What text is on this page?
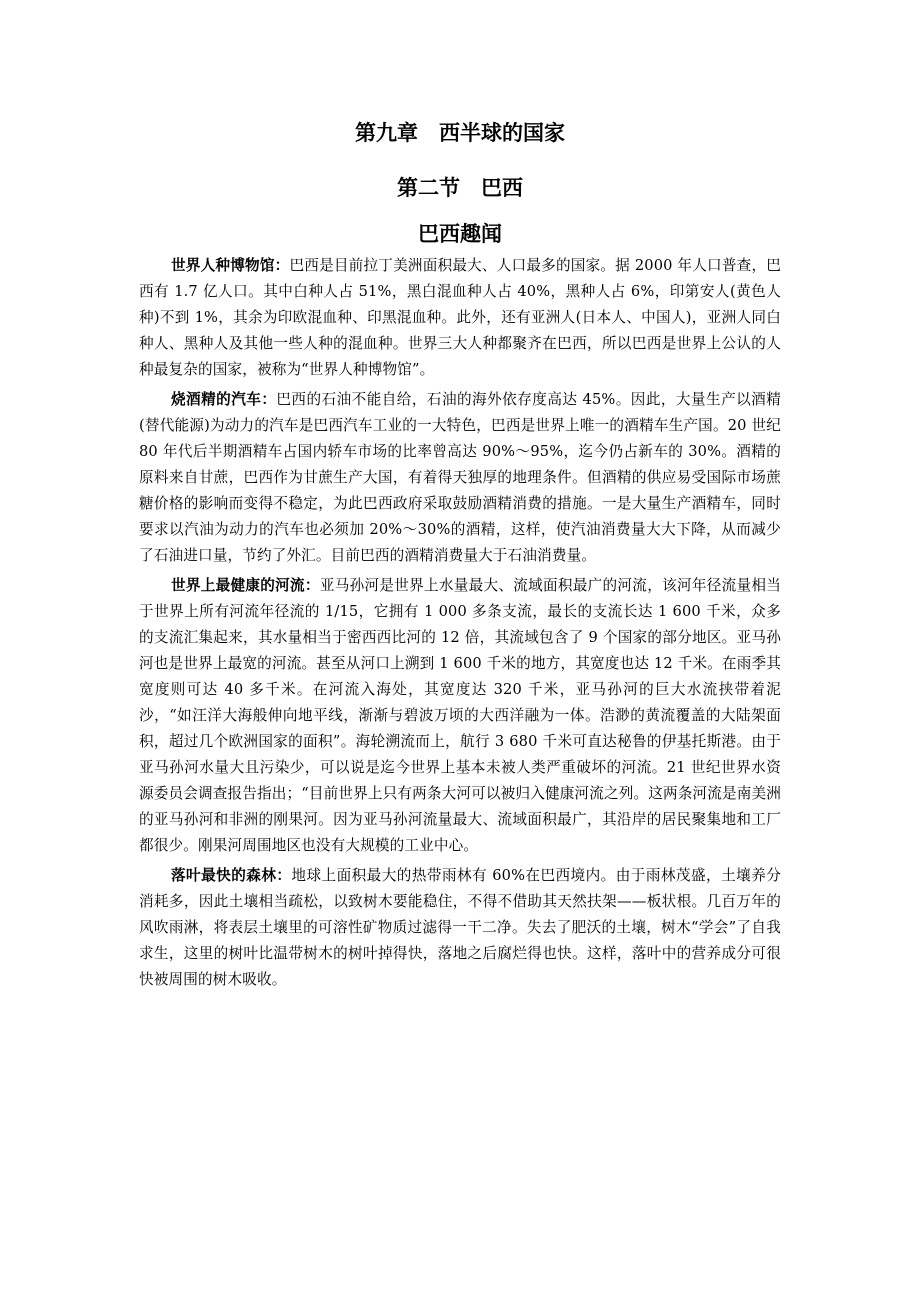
第九章　西半球的国家
第二节　巴西
巴西趣闻

世界人种博物馆：巴西是目前拉丁美洲面积最大、人口最多的国家。据 2000 年人口普查，巴西有 1.7 亿人口。其中白种人占 51%，黑白混血种人占 40%，黑种人占 6%，印第安人(黄色人种)不到 1%，其余为印欧混血种、印黑混血种。此外，还有亚洲人(日本人、中国人)，亚洲人同白种人、黑种人及其他一些人种的混血种。世界三大人种都聚齐在巴西，所以巴西是世界上公认的人种最复杂的国家，被称为“世界人种博物馆”。

烧酒精的汽车：巴西的石油不能自给，石油的海外依存度高达 45%。因此，大量生产以酒精(替代能源)为动力的汽车是巴西汽车工业的一大特色，巴西是世界上唯一的酒精车生产国。20 世纪 80 年代后半期酒精车占国内轿车市场的比率曾高达 90%～95%，迄今仍占新车的 30%。酒精的原料来自甘蔗，巴西作为甘蔗生产大国，有着得天独厚的地理条件。但酒精的供应易受国际市场蔗糖价格的影响而变得不稳定，为此巴西政府采取鼓励酒精消费的措施。一是大量生产酒精车，同时要求以汽油为动力的汽车也必须加 20%～30%的酒精，这样，使汽油消费量大大下降，从而减少了石油进口量，节约了外汇。目前巴西的酒精消费量大于石油消费量。

世界上最健康的河流：亚马孙河是世界上水量最大、流域面积最广的河流，该河年径流量相当于世界上所有河流年径流的 1/15，它拥有 1 000 多条支流，最长的支流长达 1 600 千米，众多的支流汇集起来，其水量相当于密西西比河的 12 倍，其流域包含了 9 个国家的部分地区。亚马孙河也是世界上最宽的河流。甚至从河口上溯到 1 600 千米的地方，其宽度也达 12 千米。在雨季其宽度则可达 40 多千米。在河流入海处，其宽度达 320 千米，亚马孙河的巨大水流挟带着泥沙，“如汪洋大海般伸向地平线，渐渐与碧波万顷的大西洋融为一体。浩渺的黄流覆盖的大陆架面积，超过几个欧洲国家的面积”。海轮溯流而上，航行 3 680 千米可直达秘鲁的伊基托斯港。由于亚马孙河水量大且污染少，可以说是迄今世界上基本未被人类严重破坏的河流。21 世纪世界水资源委员会调查报告指出；“目前世界上只有两条大河可以被归入健康河流之列。这两条河流是南美洲的亚马孙河和非洲的刚果河。因为亚马孙河流量最大、流域面积最广，其沿岸的居民聚集地和工厂都很少。刚果河周围地区也没有大规模的工业中心。

落叶最快的森林：地球上面积最大的热带雨林有 60%在巴西境内。由于雨林茂盛，土壤养分消耗多，因此土壤相当疏松，以致树木要能稳住，不得不借助其天然扶架——板状根。几百万年的风吹雨淋，将表层土壤里的可溶性矿物质过滤得一干二净。失去了肥沃的土壤，树木“学会”了自我求生，这里的树叶比温带树木的树叶掉得快，落地之后腐烂得也快。这样，落叶中的营养成分可很快被周围的树木吸收。
